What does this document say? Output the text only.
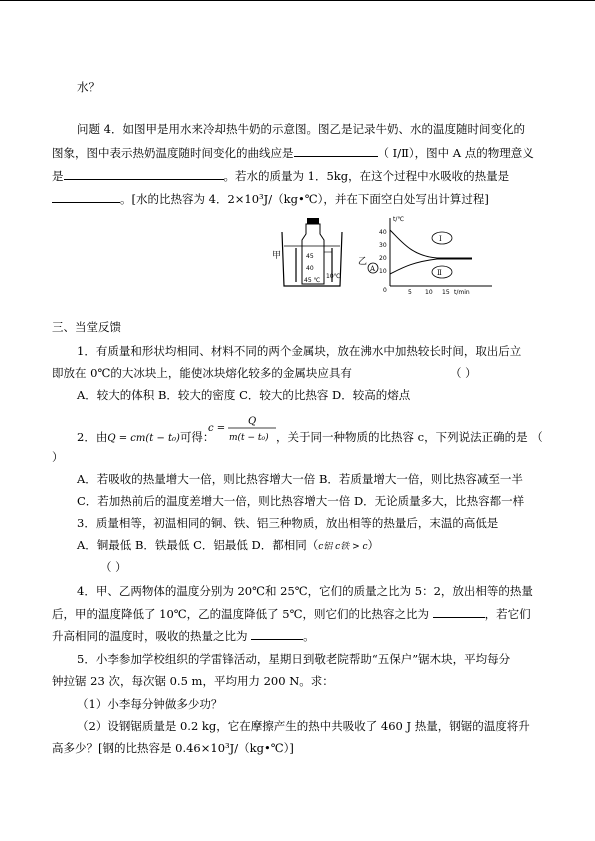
水？
问题 4．如图甲是用水来冷却热牛奶的示意图。图乙是记录牛奶、水的温度随时间变化的
图象，图中表示热奶温度随时间变化的曲线应是	（ Ⅰ/Ⅱ），图中 A 点的物理意义
是	。若水的质量为 1．5kg，在这个过程中水吸收的热量是
。[水的比热容为 4．2×10³J/（kg•℃），并在下面空白处写出计算过程]
甲	45
40
10℃
45 ℃
乙
t/℃
40
30
20
10
0	5 10 15 t/min
Ⅰ
Ⅱ
A
三、当堂反馈
1．有质量和形状均相同、材料不同的两个金属块，放在沸水中加热较长时间，取出后立
即放在 0℃的大冰块上，能使冰块熔化较多的金属块应具有	（ ）
A．较大的体积 B．较大的密度 C．较大的比热容 D．较高的熔点
2．由Q = cm(t − t₀)可得：
c =
Q
m(t − t₀) ，关于同一种物质的比热容 c，下列说法正确的是 （
）
A．若吸收的热量增大一倍，则比热容增大一倍 B．若质量增大一倍，则比热容减至一半
C．若加热前后的温度差增大一倍，则比热容增大一倍 D．无论质量多大，比热容都一样
3．质量相等，初温相同的铜、铁、铝三种物质，放出相等的热量后，末温的高低是
A．铜最低 B．铁最低 C．铝最低 D．都相同（c铝 c铁 > c）
（ ）
4．甲、乙两物体的温度分别为 20℃和 25℃，它们的质量之比为 5：2，放出相等的热量
后，甲的温度降低了 10℃，乙的温度降低了 5℃，则它们的比热容之比为	，若它们
升高相同的温度时，吸收的热量之比为	。
5．小李参加学校组织的学雷锋活动，星期日到敬老院帮助“五保户”锯木块，平均每分
钟拉锯 23 次，每次锯 0.5 m，平均用力 200 N。求：
（1）小李每分钟做多少功？
（2）设钢锯质量是 0.2 kg，它在摩擦产生的热中共吸收了 460 J 热量，钢锯的温度将升
高多少？[钢的比热容是 0.46×10³J/（kg•℃）]
